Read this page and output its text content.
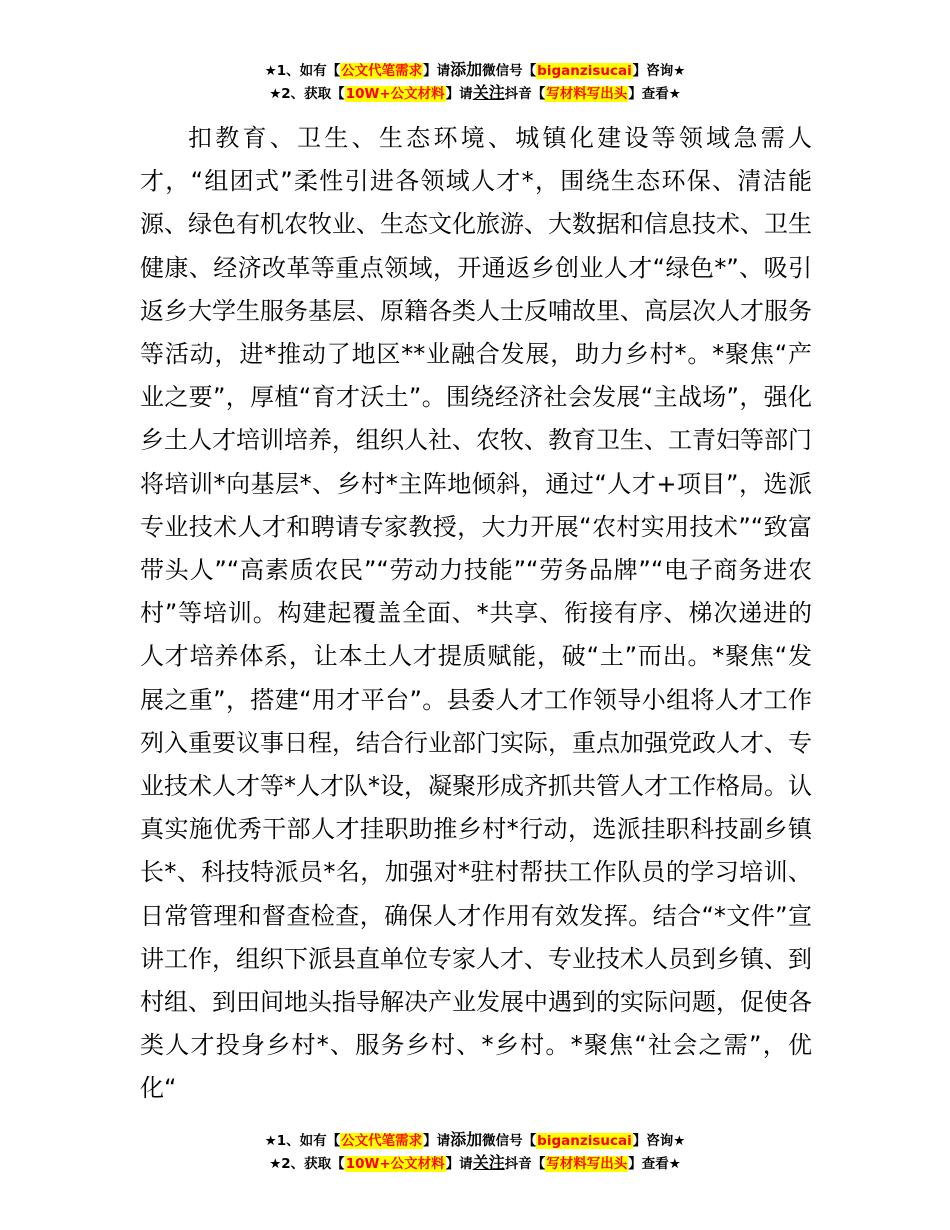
★1、如有【公文代笔需求】请添加微信号【biganzisucai】咨询★
★2、获取【10W+公文材料】请关注抖音【写材料写出头】查看★

扣教育、卫生、生态环境、城镇化建设等领域急需人才，“组团式”柔性引进各领域人才*，围绕生态环保、清洁能源、绿色有机农牧业、生态文化旅游、大数据和信息技术、卫生健康、经济改革等重点领域，开通返乡创业人才“绿色*”、吸引返乡大学生服务基层、原籍各类人士反哺故里、高层次人才服务等活动，进*推动了地区**业融合发展，助力乡村*。*聚焦“产业之要”，厚植“育才沃土”。围绕经济社会发展“主战场”，强化乡土人才培训培养，组织人社、农牧、教育卫生、工青妇等部门将培训*向基层*、乡村*主阵地倾斜，通过“人才+项目”，选派专业技术人才和聘请专家教授，大力开展“农村实用技术”“致富带头人”“高素质农民”“劳动力技能”“劳务品牌”“电子商务进农村”等培训。构建起覆盖全面、*共享、衔接有序、梯次递进的人才培养体系，让本土人才提质赋能，破“土”而出。*聚焦“发展之重”，搭建“用才平台”。县委人才工作领导小组将人才工作列入重要议事日程，结合行业部门实际，重点加强党政人才、专业技术人才等*人才队*设，凝聚形成齐抓共管人才工作格局。认真实施优秀干部人才挂职助推乡村*行动，选派挂职科技副乡镇长*、科技特派员*名，加强对*驻村帮扶工作队员的学习培训、日常管理和督查检查，确保人才作用有效发挥。结合“*文件”宣讲工作，组织下派县直单位专家人才、专业技术人员到乡镇、到村组、到田间地头指导解决产业发展中遇到的实际问题，促使各类人才投身乡村*、服务乡村、*乡村。*聚焦“社会之需”，优化“

★1、如有【公文代笔需求】请添加微信号【biganzisucai】咨询★
★2、获取【10W+公文材料】请关注抖音【写材料写出头】查看★
